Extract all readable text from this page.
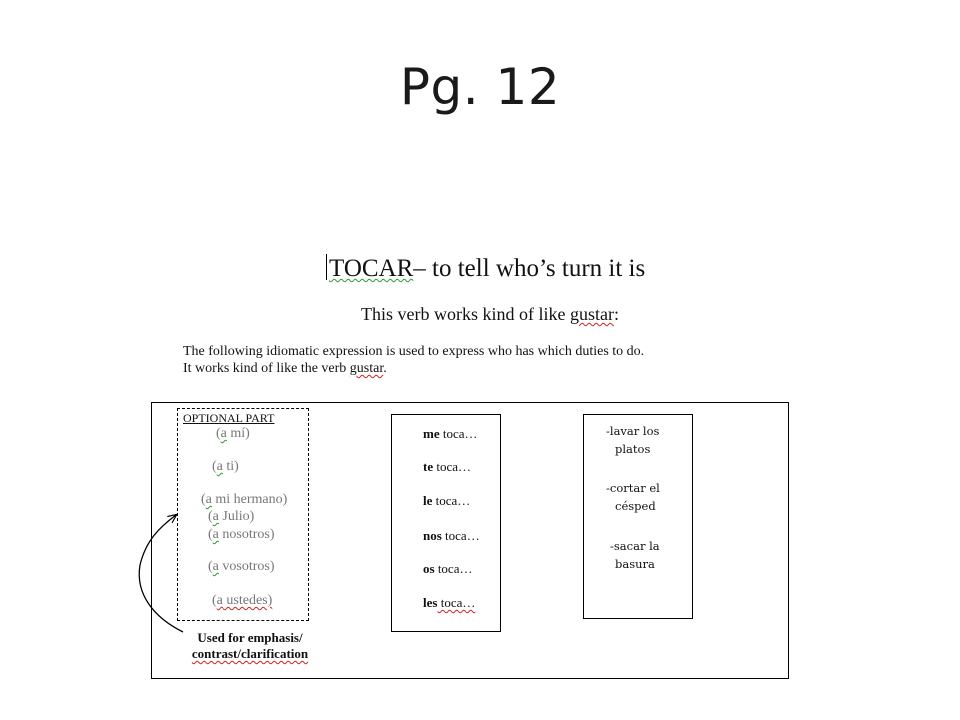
Pg. 12
TOCAR– to tell who’s turn it is
This verb works kind of like gustar:
The following idiomatic expression is used to express who has which duties to do.
It works kind of like the verb gustar.
OPTIONAL PART
(a mí)
(a ti)
(a mi hermano)
(a Julio)
(a nosotros)
(a vosotros)
(a ustedes)
Used for emphasis/
contrast/clarification
me toca…
te toca…
le toca…
nos toca…
os toca…
les toca…
-lavar los
platos
-cortar el
césped
-sacar la
basura
